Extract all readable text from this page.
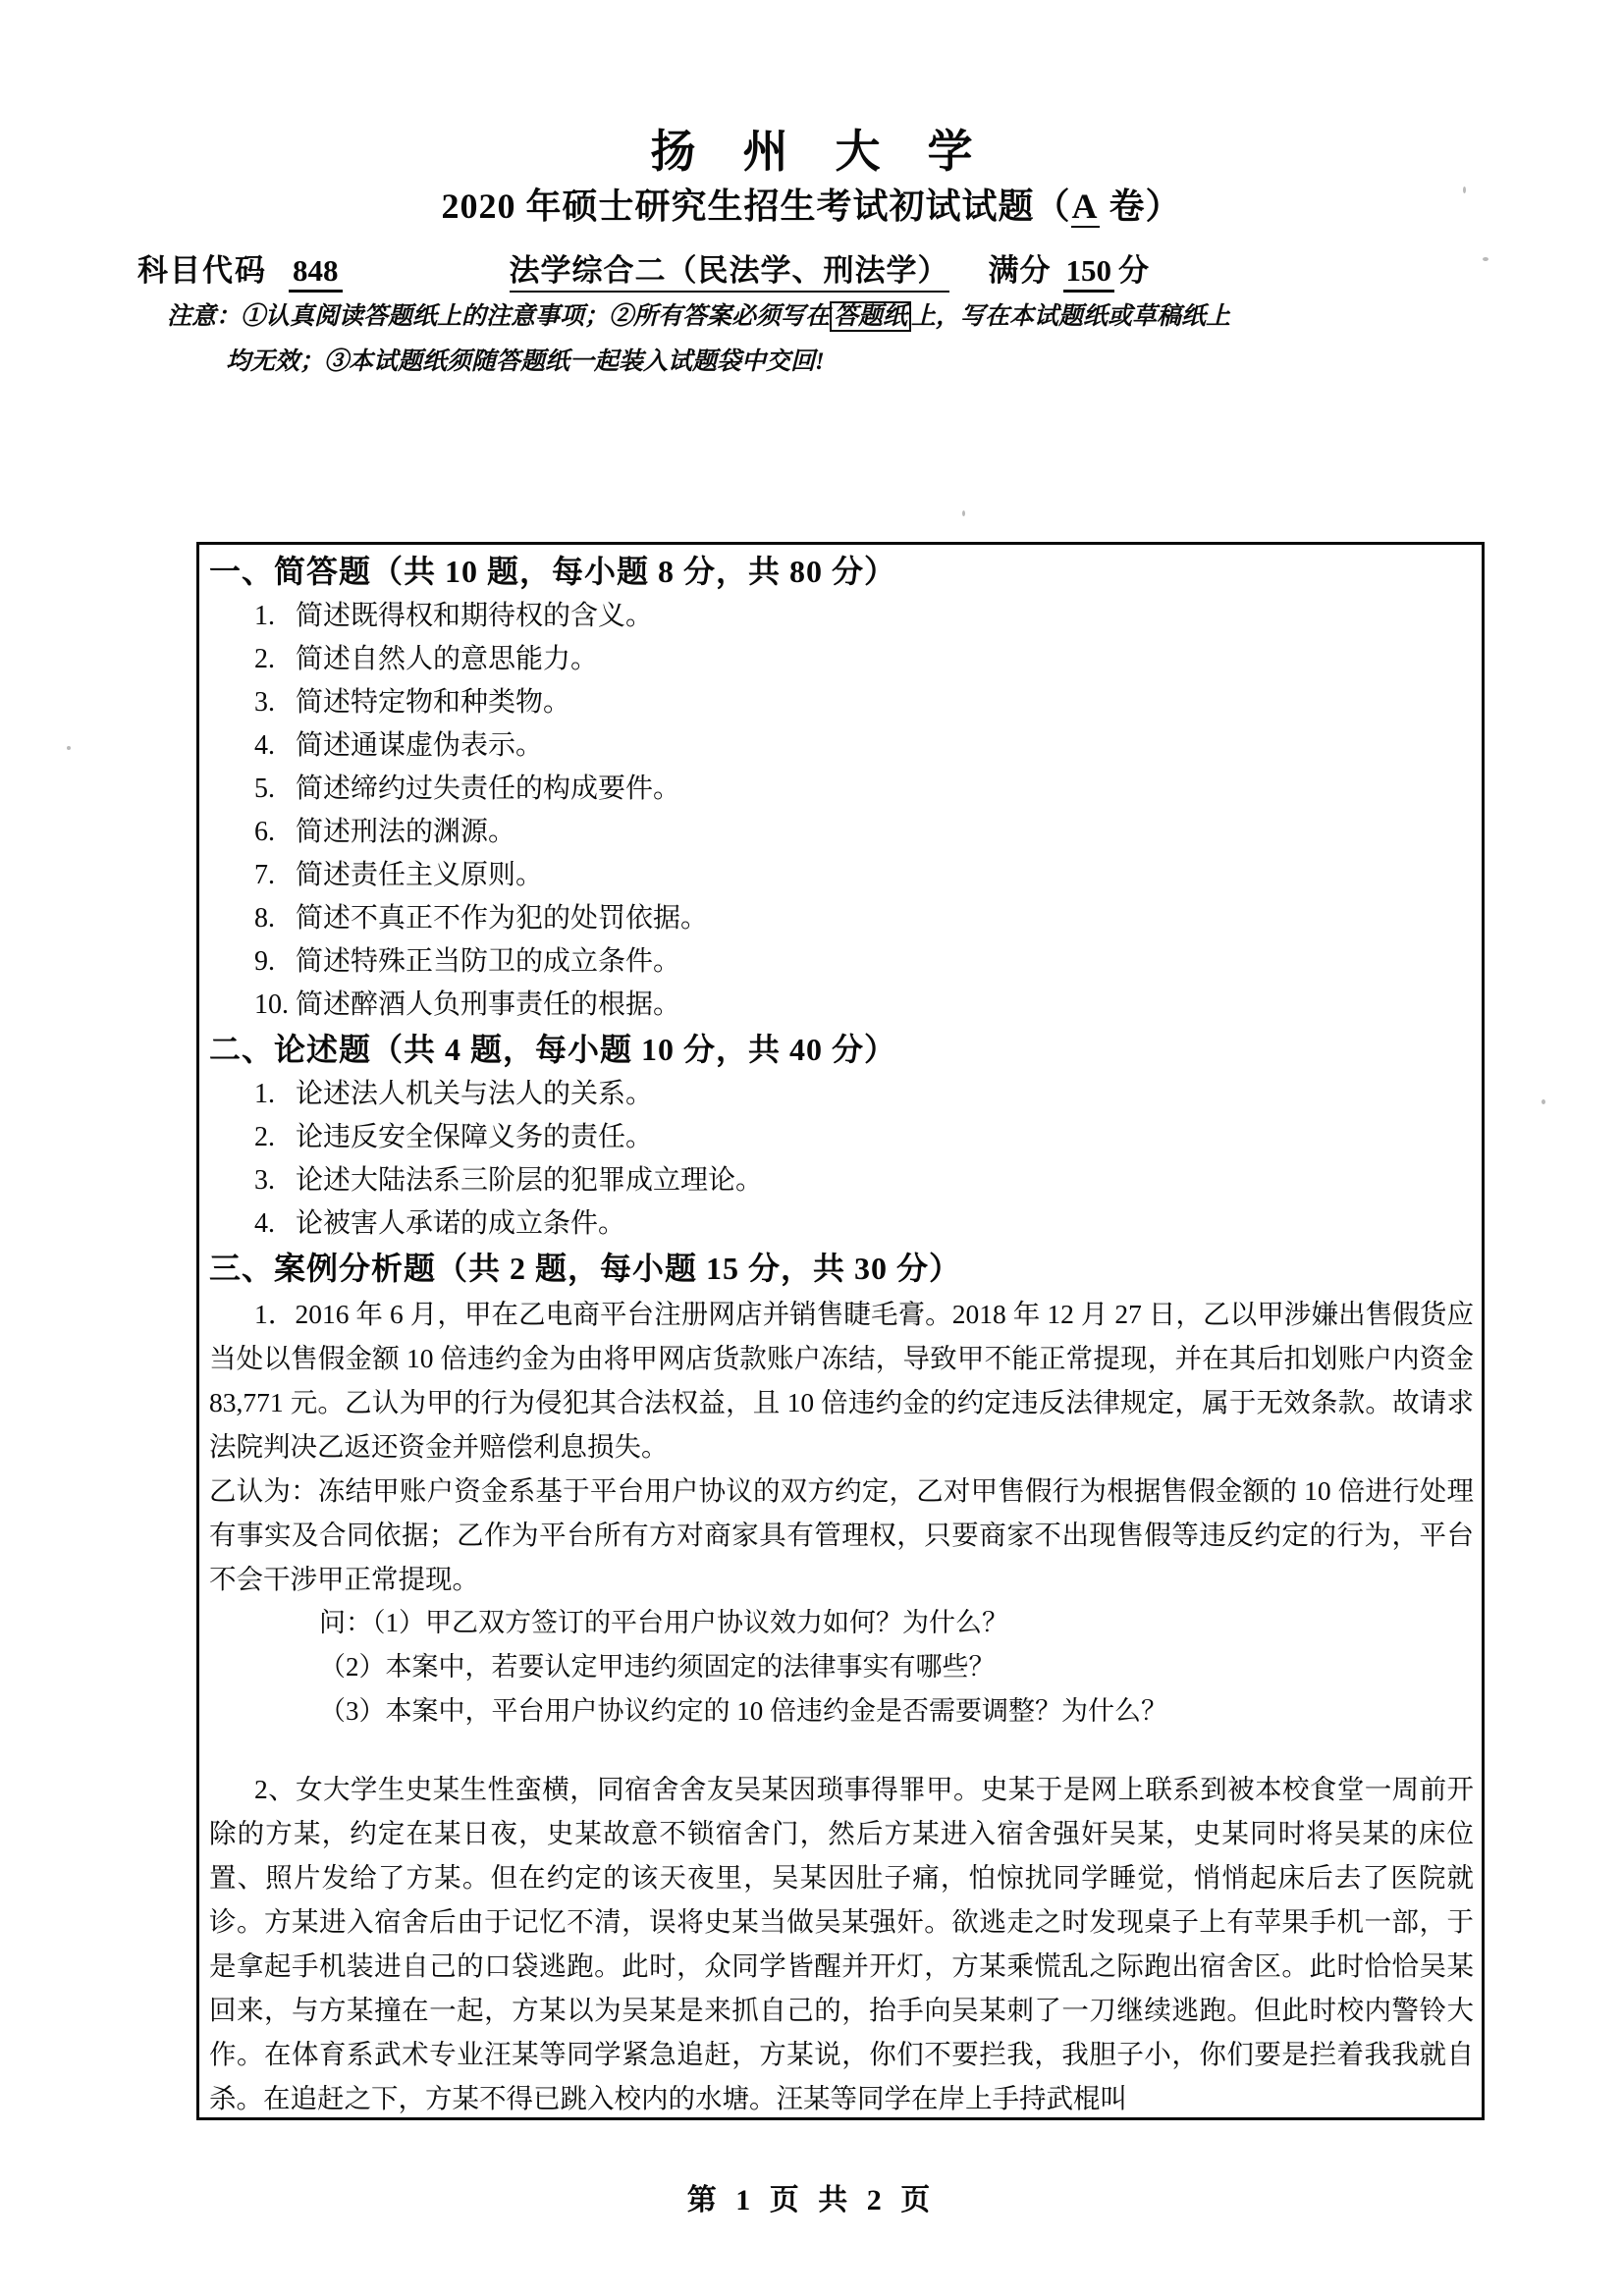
扬 州 大 学
2020 年硕士研究生招生考试初试试题（A 卷）
科目代码 848	法学综合二（民法学、刑法学） 满分 150 分
注意：①认真阅读答题纸上的注意事项；②所有答案必须写在 答题纸 上，写在本试题纸或草稿纸上
均无效；③本试题纸须随答题纸一起装入试题袋中交回!
一、简答题（共 10 题，每小题 8 分，共 80 分）
1. 简述既得权和期待权的含义。
2. 简述自然人的意思能力。
3. 简述特定物和种类物。
4. 简述通谋虚伪表示。
5. 简述缔约过失责任的构成要件。
6. 简述刑法的渊源。
7. 简述责任主义原则。
8. 简述不真正不作为犯的处罚依据。
9. 简述特殊正当防卫的成立条件。
10. 简述醉酒人负刑事责任的根据。
二、论述题（共 4 题，每小题 10 分，共 40 分）
1. 论述法人机关与法人的关系。
2. 论违反安全保障义务的责任。
3. 论述大陆法系三阶层的犯罪成立理论。
4. 论被害人承诺的成立条件。
三、案例分析题（共 2 题，每小题 15 分，共 30 分）

1．2016 年 6 月，甲在乙电商平台注册网店并销售睫毛膏。2018 年 12 月 27 日，乙以甲涉嫌出售假货应当处以售假金额 10 倍违约金为由将甲网店货款账户冻结，导致甲不能正常提现，并在其后扣划账户内资金 83,771 元。乙认为甲的行为侵犯其合法权益，且 10 倍违约金的约定违反法律规定，属于无效条款。故请求法院判决乙返还资金并赔偿利息损失。

乙认为：冻结甲账户资金系基于平台用户协议的双方约定，乙对甲售假行为根据售假金额的 10 倍进行处理有事实及合同依据；乙作为平台所有方对商家具有管理权，只要商家不出现售假等违反约定的行为，平台不会干涉甲正常提现。

问：（1）甲乙双方签订的平台用户协议效力如何？为什么？
（2）本案中，若要认定甲违约须固定的法律事实有哪些？
（3）本案中，平台用户协议约定的 10 倍违约金是否需要调整？为什么？

2、女大学生史某生性蛮横，同宿舍舍友吴某因琐事得罪甲。史某于是网上联系到被本校食堂一周前开除的方某，约定在某日夜，史某故意不锁宿舍门，然后方某进入宿舍强奸吴某，史某同时将吴某的床位置、照片发给了方某。但在约定的该天夜里，吴某因肚子痛，怕惊扰同学睡觉，悄悄起床后去了医院就诊。方某进入宿舍后由于记忆不清，误将史某当做吴某强奸。欲逃走之时发现桌子上有苹果手机一部，于是拿起手机装进自己的口袋逃跑。此时，众同学皆醒并开灯，方某乘慌乱之际跑出宿舍区。此时恰恰吴某回来，与方某撞在一起，方某以为吴某是来抓自己的，抬手向吴某刺了一刀继续逃跑。但此时校内警铃大作。在体育系武术专业汪某等同学紧急追赶，方某说，你们不要拦我，我胆子小，你们要是拦着我我就自杀。在追赶之下，方某不得已跳入校内的水塘。汪某等同学在岸上手持武棍叫

第 1 页 共 2 页
